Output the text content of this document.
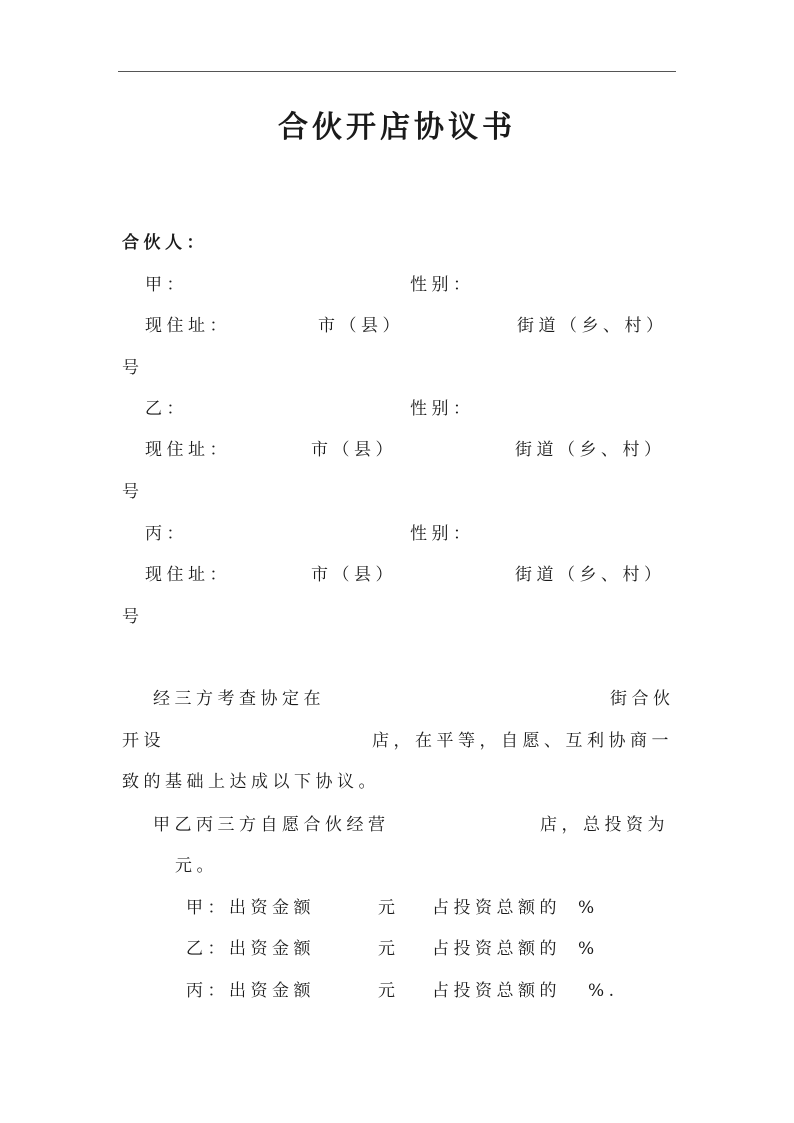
合伙开店协议书
合伙人：
甲：	性别：
现住址：	市（县）	街道（乡、村）
号
乙：	性别：
现住址：	市（县）	街道（乡、村）
号
丙：	性别：
现住址：	市（县）	街道（乡、村）
号
经三方考查协定在	街合伙
开设	店，在平等，自愿、互利协商一
致的基础上达成以下协议。
甲乙丙三方自愿合伙经营	店，总投资为
元。
甲：出资金额	元 占投资总额的 %
乙：出资金额	元 占投资总额的 %
丙：出资金额	元 占投资总额的 %.
